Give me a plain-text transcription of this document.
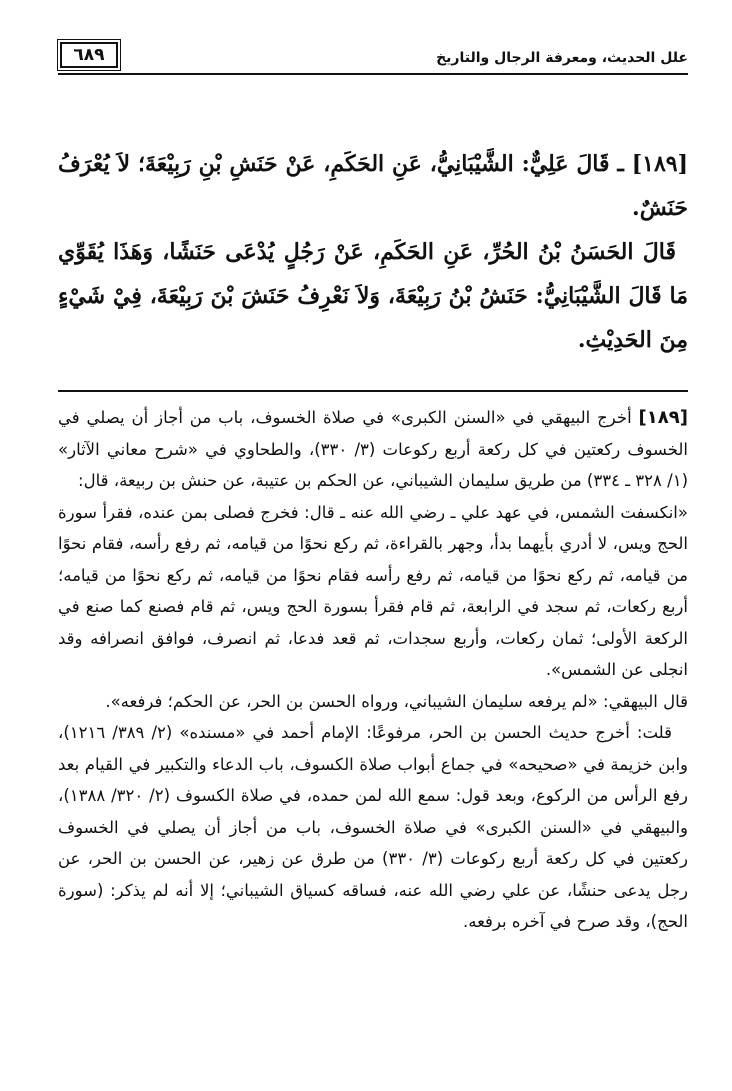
علل الحديث، ومعرفة الرجال والتاريخ
٦٨٩

[١٨٩] ـ قَالَ عَلِيٌّ: الشَّيْبَانِيُّ، عَنِ الحَكَمِ، عَنْ حَنَشِ بْنِ رَبِيْعَةَ؛ لاَ يُعْرَفُ حَنَشٌ.

قَالَ الحَسَنُ بْنُ الحُرِّ، عَنِ الحَكَمِ، عَنْ رَجُلٍ يُدْعَى حَنَشًا، وَهَذَا يُقَوِّي مَا قَالَ الشَّيْبَانِيُّ: حَنَشُ بْنُ رَبِيْعَةَ، وَلاَ نَعْرِفُ حَنَشَ بْنَ رَبِيْعَةَ، فِيْ شَيْءٍ مِنَ الحَدِيْثِ.

[١٨٩] أخرج البيهقي في «السنن الكبرى» في صلاة الخسوف، باب من أجاز أن يصلي في الخسوف ركعتين في كل ركعة أربع ركوعات (٣/ ٣٣٠)، والطحاوي في «شرح معاني الآثار» (١/ ٣٢٨ ـ ٣٣٤) من طريق سليمان الشيباني، عن الحكم بن عتيبة، عن حنش بن ربيعة، قال:

«انكسفت الشمس، في عهد علي ـ رضي الله عنه ـ قال: فخرج فصلى بمن عنده، فقرأ سورة الحج ويس، لا أدري بأيهما بدأ، وجهر بالقراءة، ثم ركع نحوًا من قيامه، ثم رفع رأسه، فقام نحوًا من قيامه، ثم ركع نحوًا من قيامه، ثم رفع رأسه فقام نحوًا من قيامه، ثم ركع نحوًا من قيامه؛ أربع ركعات، ثم سجد في الرابعة، ثم قام فقرأ بسورة الحج ويس، ثم قام فصنع كما صنع في الركعة الأولى؛ ثمان ركعات، وأربع سجدات، ثم قعد فدعا، ثم انصرف، فوافق انصرافه وقد انجلى عن الشمس».

قال البيهقي: «لم يرفعه سليمان الشيباني، ورواه الحسن بن الحر، عن الحكم؛ فرفعه».

قلت: أخرج حديث الحسن بن الحر، مرفوعًا: الإمام أحمد في «مسنده» (٢/ ٣٨٩/ ١٢١٦)، وابن خزيمة في «صحيحه» في جماع أبواب صلاة الكسوف، باب الدعاء والتكبير في القيام بعد رفع الرأس من الركوع، وبعد قول: سمع الله لمن حمده، في صلاة الكسوف (٢/ ٣٢٠/ ١٣٨٨)، والبيهقي في «السنن الكبرى» في صلاة الخسوف، باب من أجاز أن يصلي في الخسوف ركعتين في كل ركعة أربع ركوعات (٣/ ٣٣٠) من طرق عن زهير، عن الحسن بن الحر، عن رجل يدعى حنشًا، عن علي رضي الله عنه، فساقه كسياق الشيباني؛ إلا أنه لم يذكر: (سورة الحج)، وقد صرح في آخره برفعه.
